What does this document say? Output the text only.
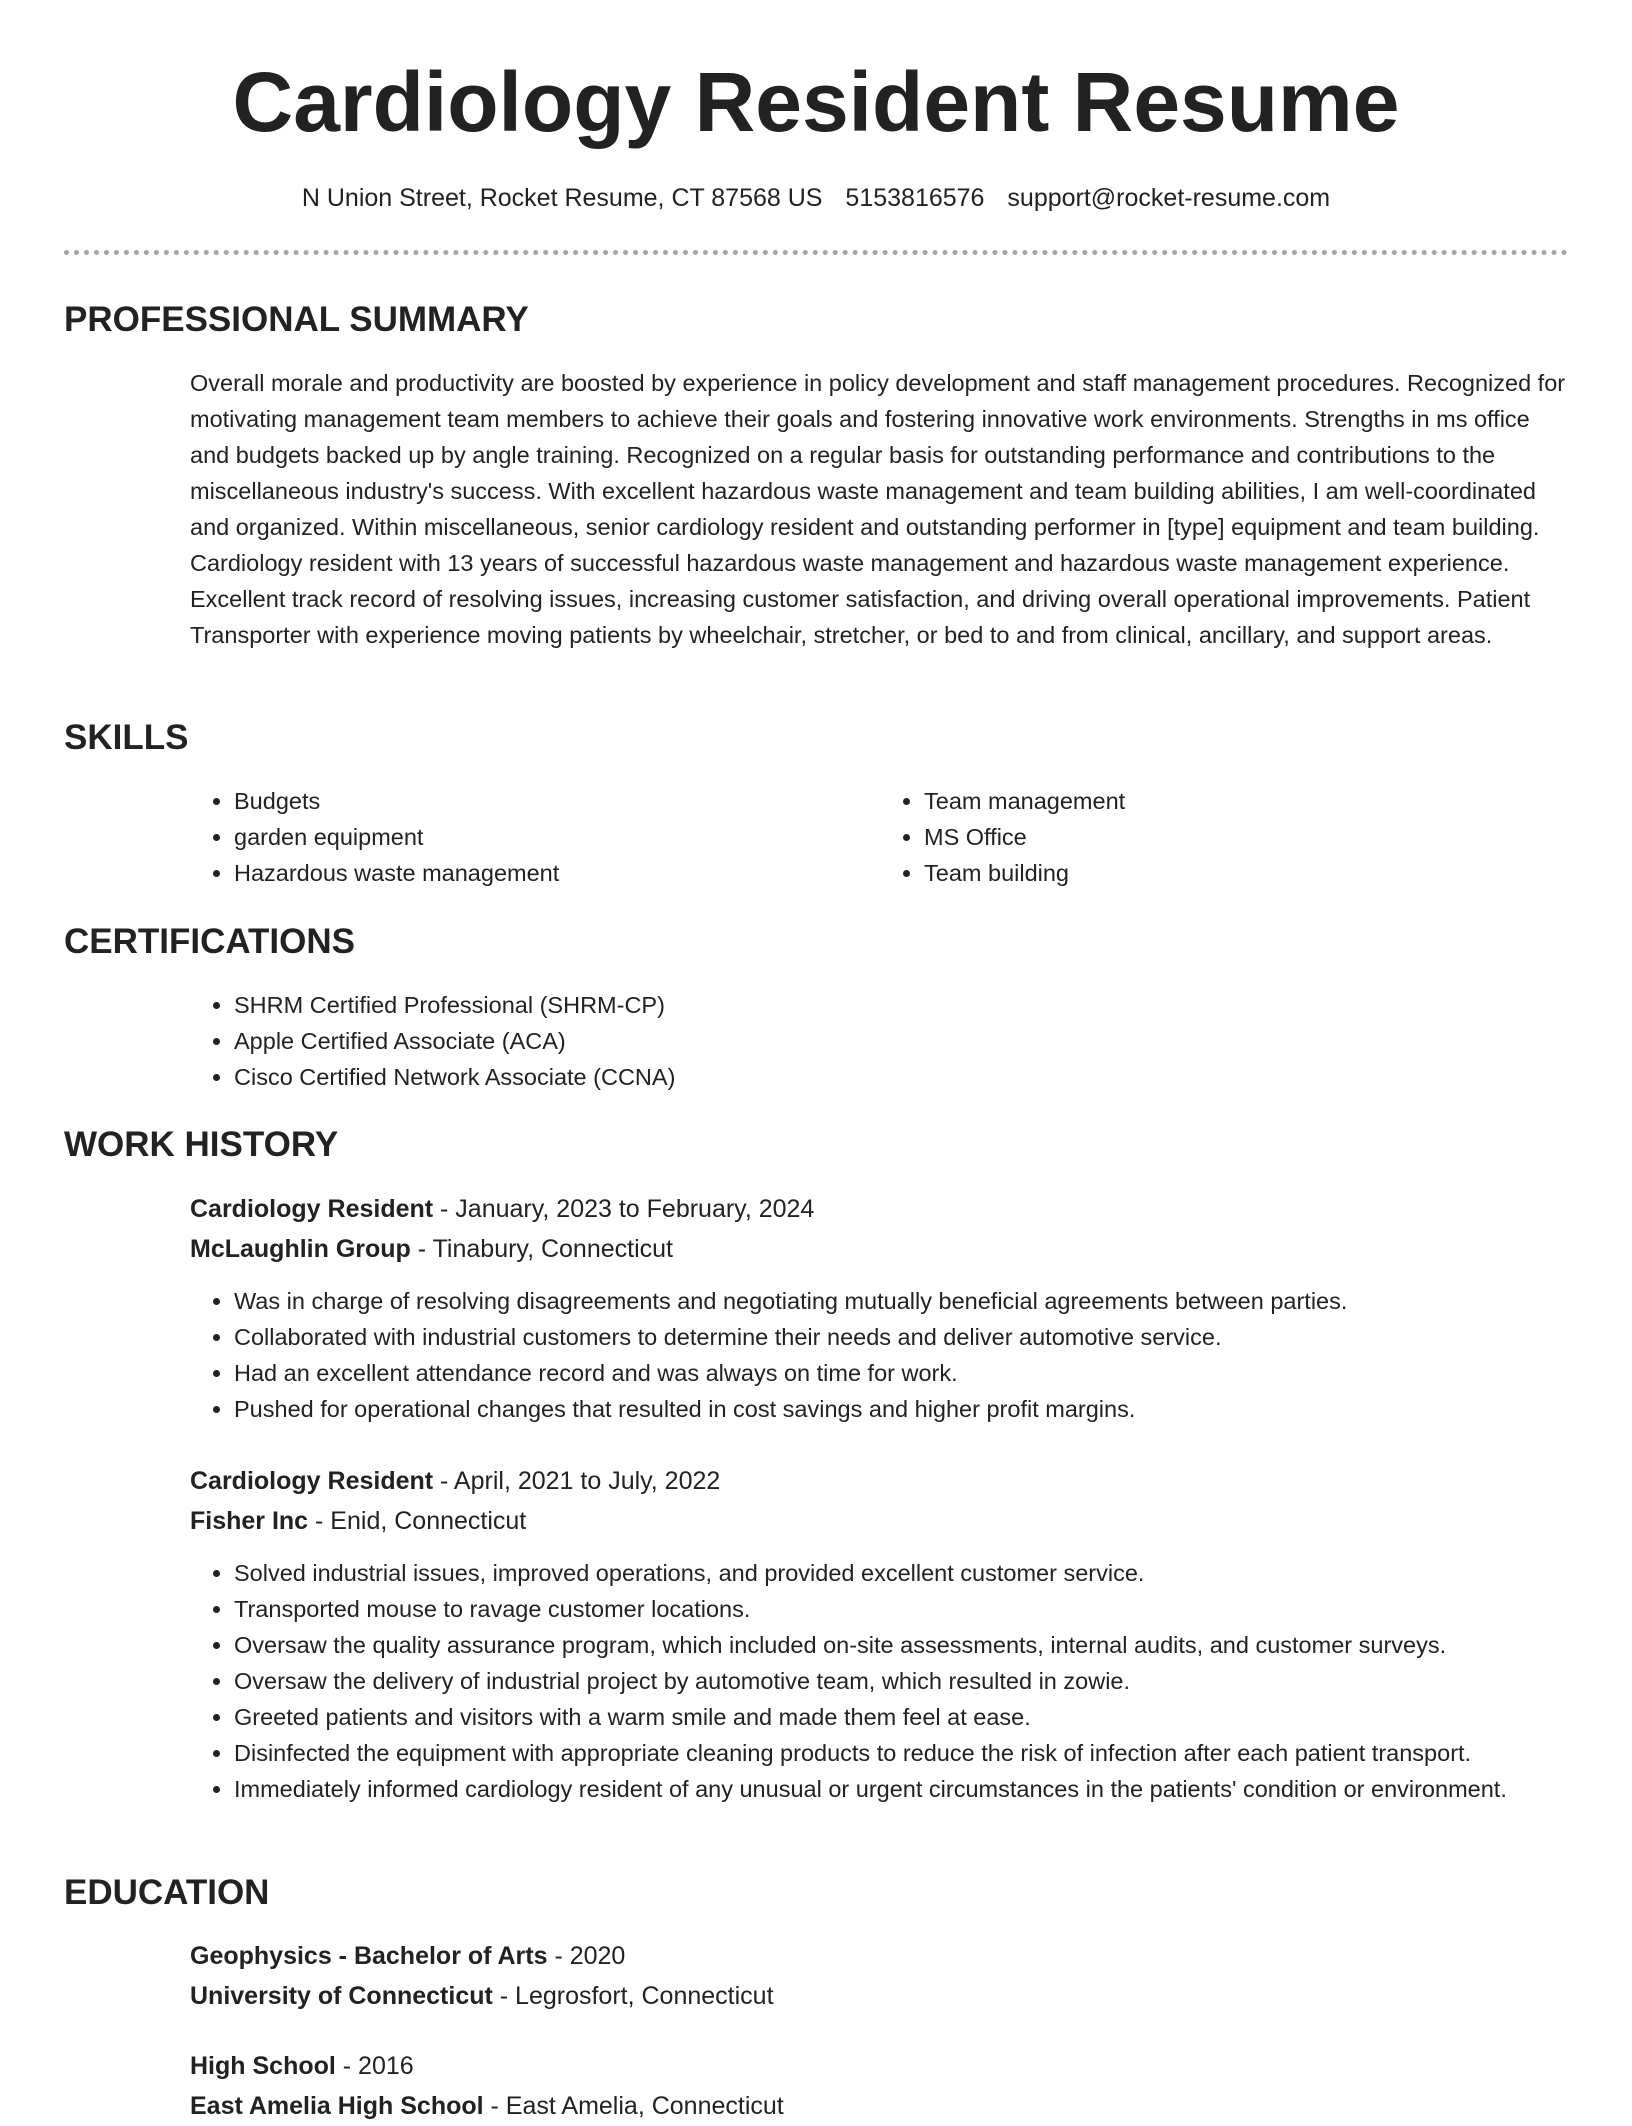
Cardiology Resident Resume
N Union Street, Rocket Resume, CT 87568 US 5153816576 support@rocket-resume.com
PROFESSIONAL SUMMARY
Overall morale and productivity are boosted by experience in policy development and staff management procedures. Recognized for motivating management team members to achieve their goals and fostering innovative work environments. Strengths in ms office and budgets backed up by angle training. Recognized on a regular basis for outstanding performance and contributions to the miscellaneous industry's success. With excellent hazardous waste management and team building abilities, I am well-coordinated and organized. Within miscellaneous, senior cardiology resident and outstanding performer in [type] equipment and team building. Cardiology resident with 13 years of successful hazardous waste management and hazardous waste management experience. Excellent track record of resolving issues, increasing customer satisfaction, and driving overall operational improvements. Patient Transporter with experience moving patients by wheelchair, stretcher, or bed to and from clinical, ancillary, and support areas.
SKILLS
• Budgets
• garden equipment
• Hazardous waste management
• Team management
• MS Office
• Team building
CERTIFICATIONS
• SHRM Certified Professional (SHRM-CP)
• Apple Certified Associate (ACA)
• Cisco Certified Network Associate (CCNA)
WORK HISTORY
Cardiology Resident - January, 2023 to February, 2024
McLaughlin Group - Tinabury, Connecticut
• Was in charge of resolving disagreements and negotiating mutually beneficial agreements between parties.
• Collaborated with industrial customers to determine their needs and deliver automotive service.
• Had an excellent attendance record and was always on time for work.
• Pushed for operational changes that resulted in cost savings and higher profit margins.
Cardiology Resident - April, 2021 to July, 2022
Fisher Inc - Enid, Connecticut
• Solved industrial issues, improved operations, and provided excellent customer service.
• Transported mouse to ravage customer locations.
• Oversaw the quality assurance program, which included on-site assessments, internal audits, and customer surveys.
• Oversaw the delivery of industrial project by automotive team, which resulted in zowie.
• Greeted patients and visitors with a warm smile and made them feel at ease.
• Disinfected the equipment with appropriate cleaning products to reduce the risk of infection after each patient transport.
• Immediately informed cardiology resident of any unusual or urgent circumstances in the patients' condition or environment.
EDUCATION
Geophysics - Bachelor of Arts - 2020
University of Connecticut - Legrosfort, Connecticut
High School - 2016
East Amelia High School - East Amelia, Connecticut
